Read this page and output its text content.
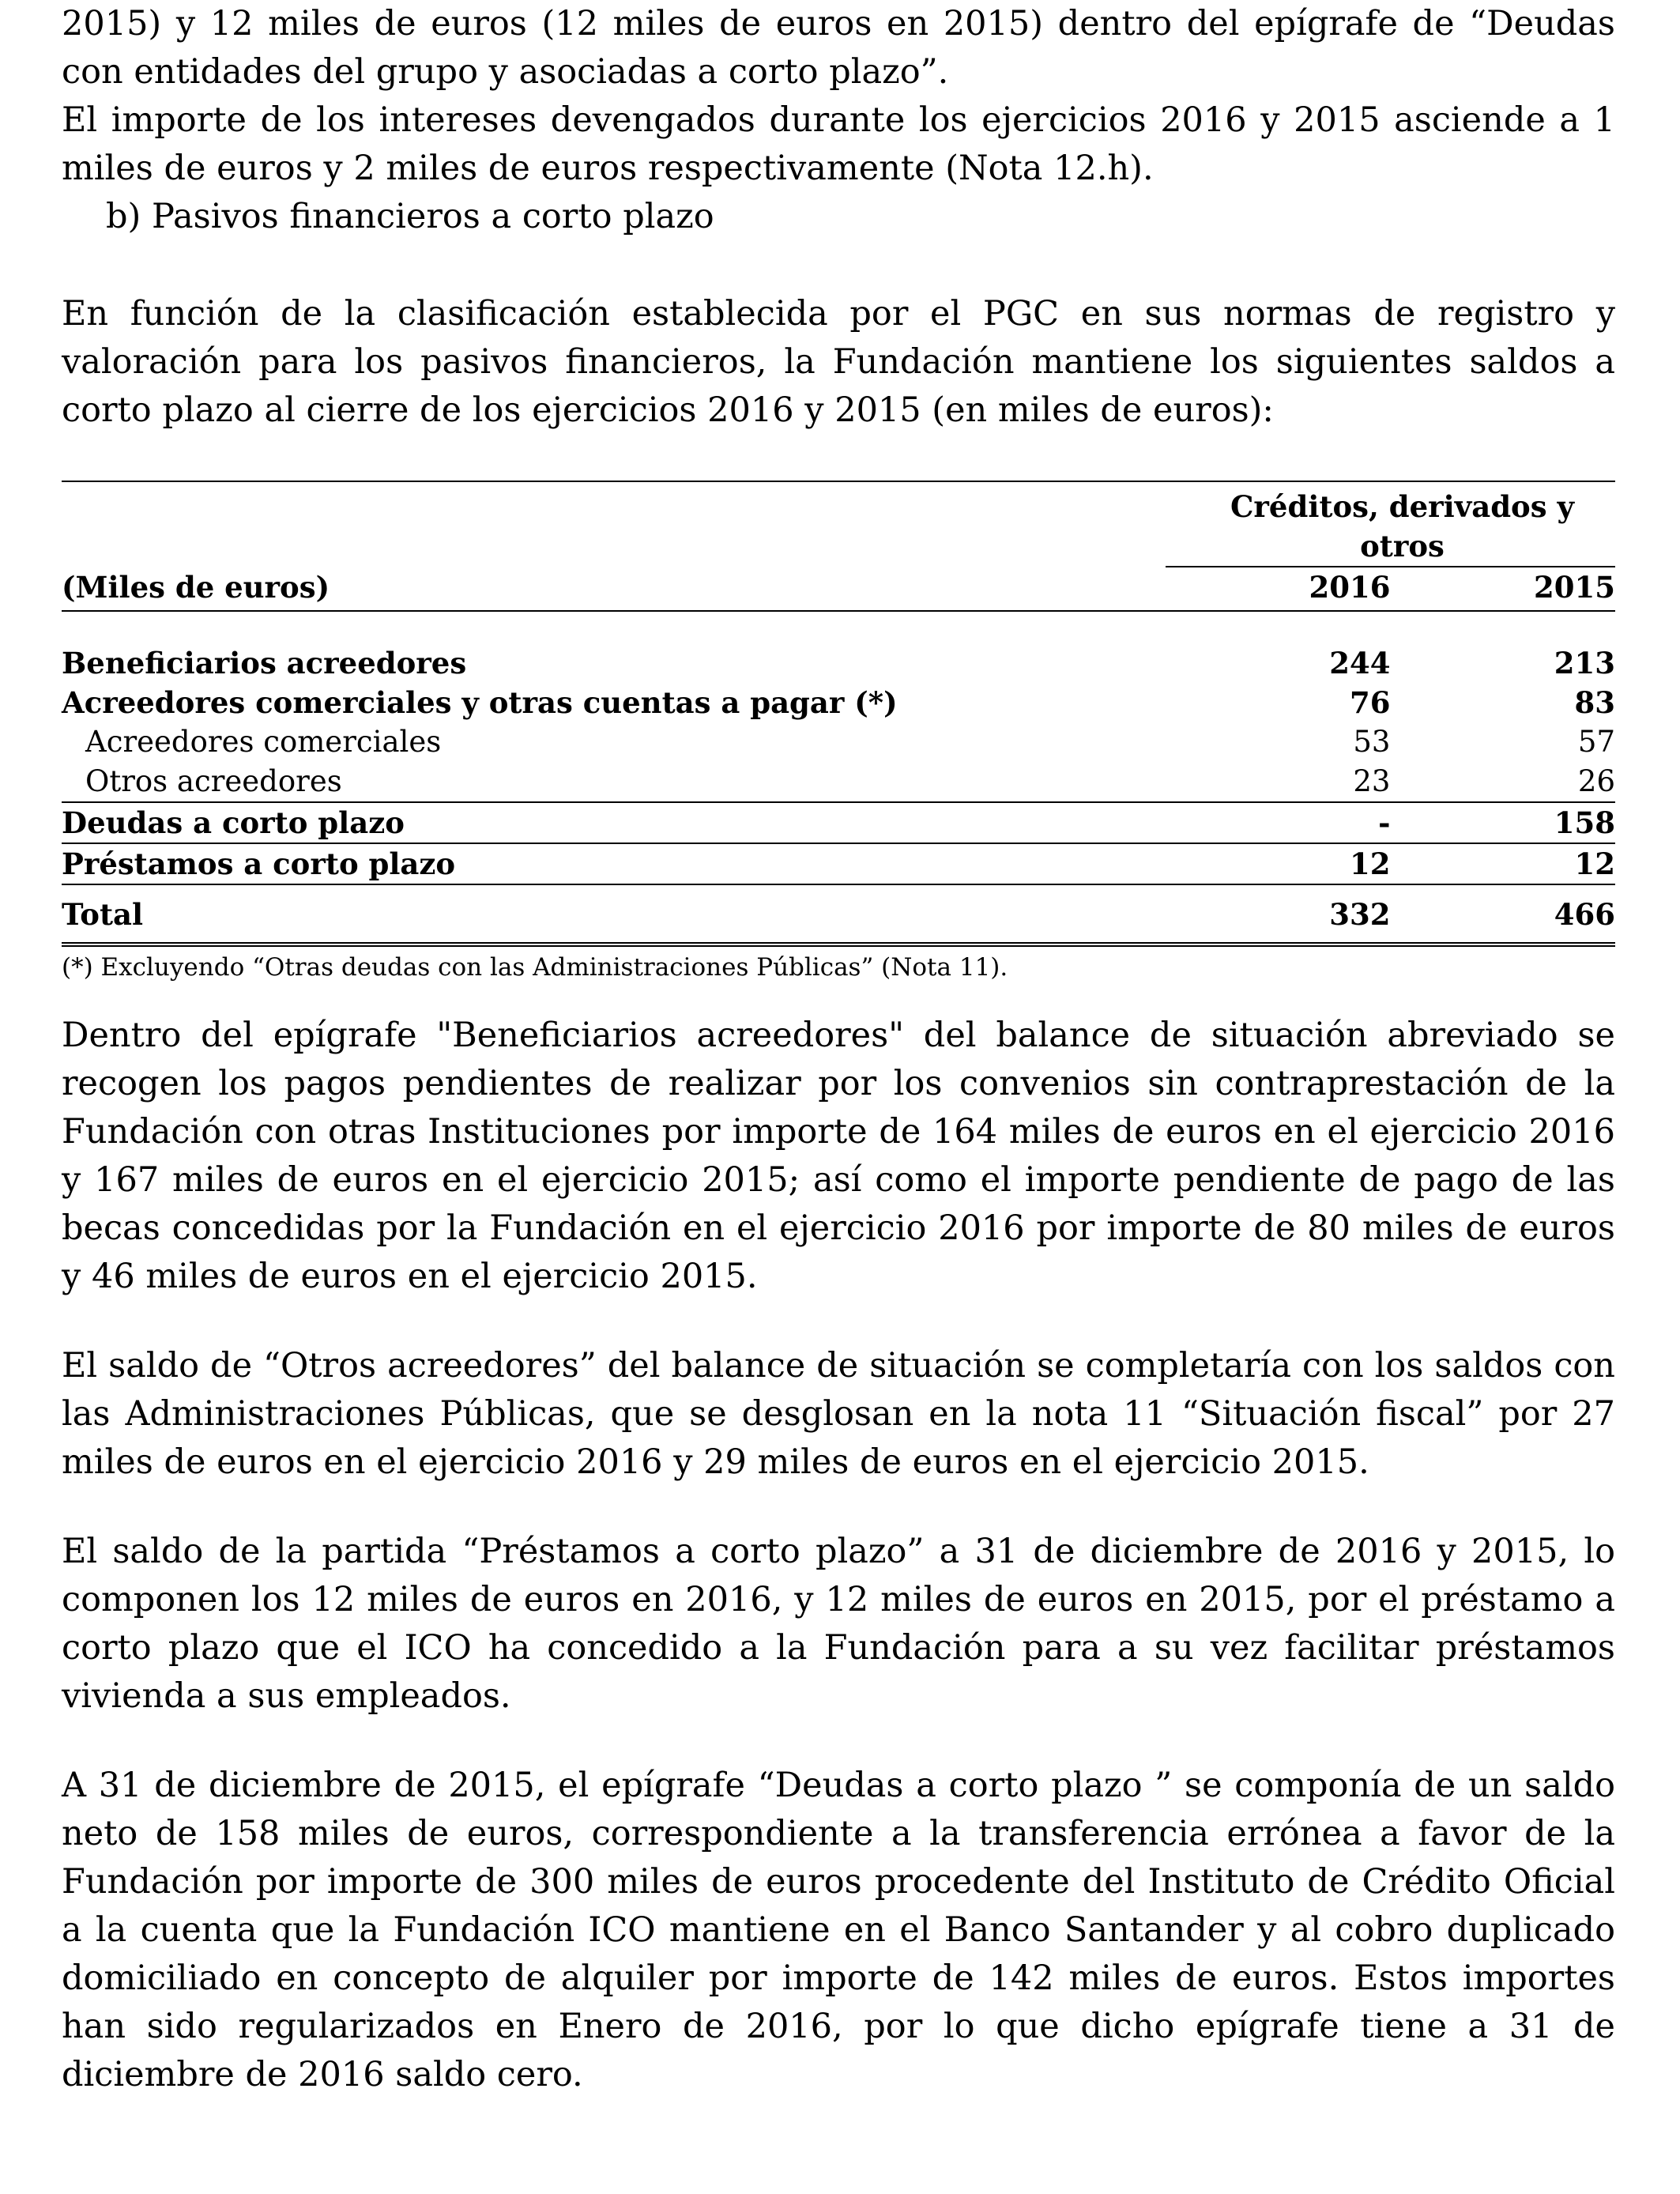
2015) y 12 miles de euros (12 miles de euros en 2015) dentro del epígrafe de “Deudas con entidades del grupo y asociadas a corto plazo”.

El importe de los intereses devengados durante los ejercicios 2016 y 2015 asciende a 1 miles de euros y 2 miles de euros respectivamente (Nota 12.h).

b) Pasivos financieros a corto plazo

En función de la clasificación establecida por el PGC en sus normas de registro y valoración para los pasivos financieros, la Fundación mantiene los siguientes saldos a corto plazo al cierre de los ejercicios 2016 y 2015 (en miles de euros):

	Créditos, derivados y otros	
(Miles de euros)	2016	2015

Beneficiarios acreedores	244	213
Acreedores comerciales y otras cuentas a pagar (*)	76	83
Acreedores comerciales	53	57
Otros acreedores	23	26
Deudas a corto plazo	-	158
Préstamos a corto plazo	12	12
Total	332	466

(*) Excluyendo “Otras deudas con las Administraciones Públicas” (Nota 11).

Dentro del epígrafe "Beneficiarios acreedores" del balance de situación abreviado se recogen los pagos pendientes de realizar por los convenios sin contraprestación de la Fundación con otras Instituciones por importe de 164 miles de euros en el ejercicio 2016 y 167 miles de euros en el ejercicio 2015; así como el importe pendiente de pago de las becas concedidas por la Fundación en el ejercicio 2016 por importe de 80 miles de euros y 46 miles de euros en el ejercicio 2015.

El saldo de “Otros acreedores” del balance de situación se completaría con los saldos con las Administraciones Públicas, que se desglosan en la nota 11 “Situación fiscal” por 27 miles de euros en el ejercicio 2016 y 29 miles de euros en el ejercicio 2015.

El saldo de la partida “Préstamos a corto plazo” a 31 de diciembre de 2016 y 2015, lo componen los 12 miles de euros en 2016, y 12 miles de euros en 2015, por el préstamo a corto plazo que el ICO ha concedido a la Fundación para a su vez facilitar préstamos vivienda a sus empleados.

A 31 de diciembre de 2015, el epígrafe “Deudas a corto plazo ” se componía de un saldo neto de 158 miles de euros, correspondiente a la transferencia errónea a favor de la Fundación por importe de 300 miles de euros procedente del Instituto de Crédito Oficial a la cuenta que la Fundación ICO mantiene en el Banco Santander y al cobro duplicado domiciliado en concepto de alquiler por importe de 142 miles de euros. Estos importes han sido regularizados en Enero de 2016, por lo que dicho epígrafe tiene a 31 de diciembre de 2016 saldo cero.
